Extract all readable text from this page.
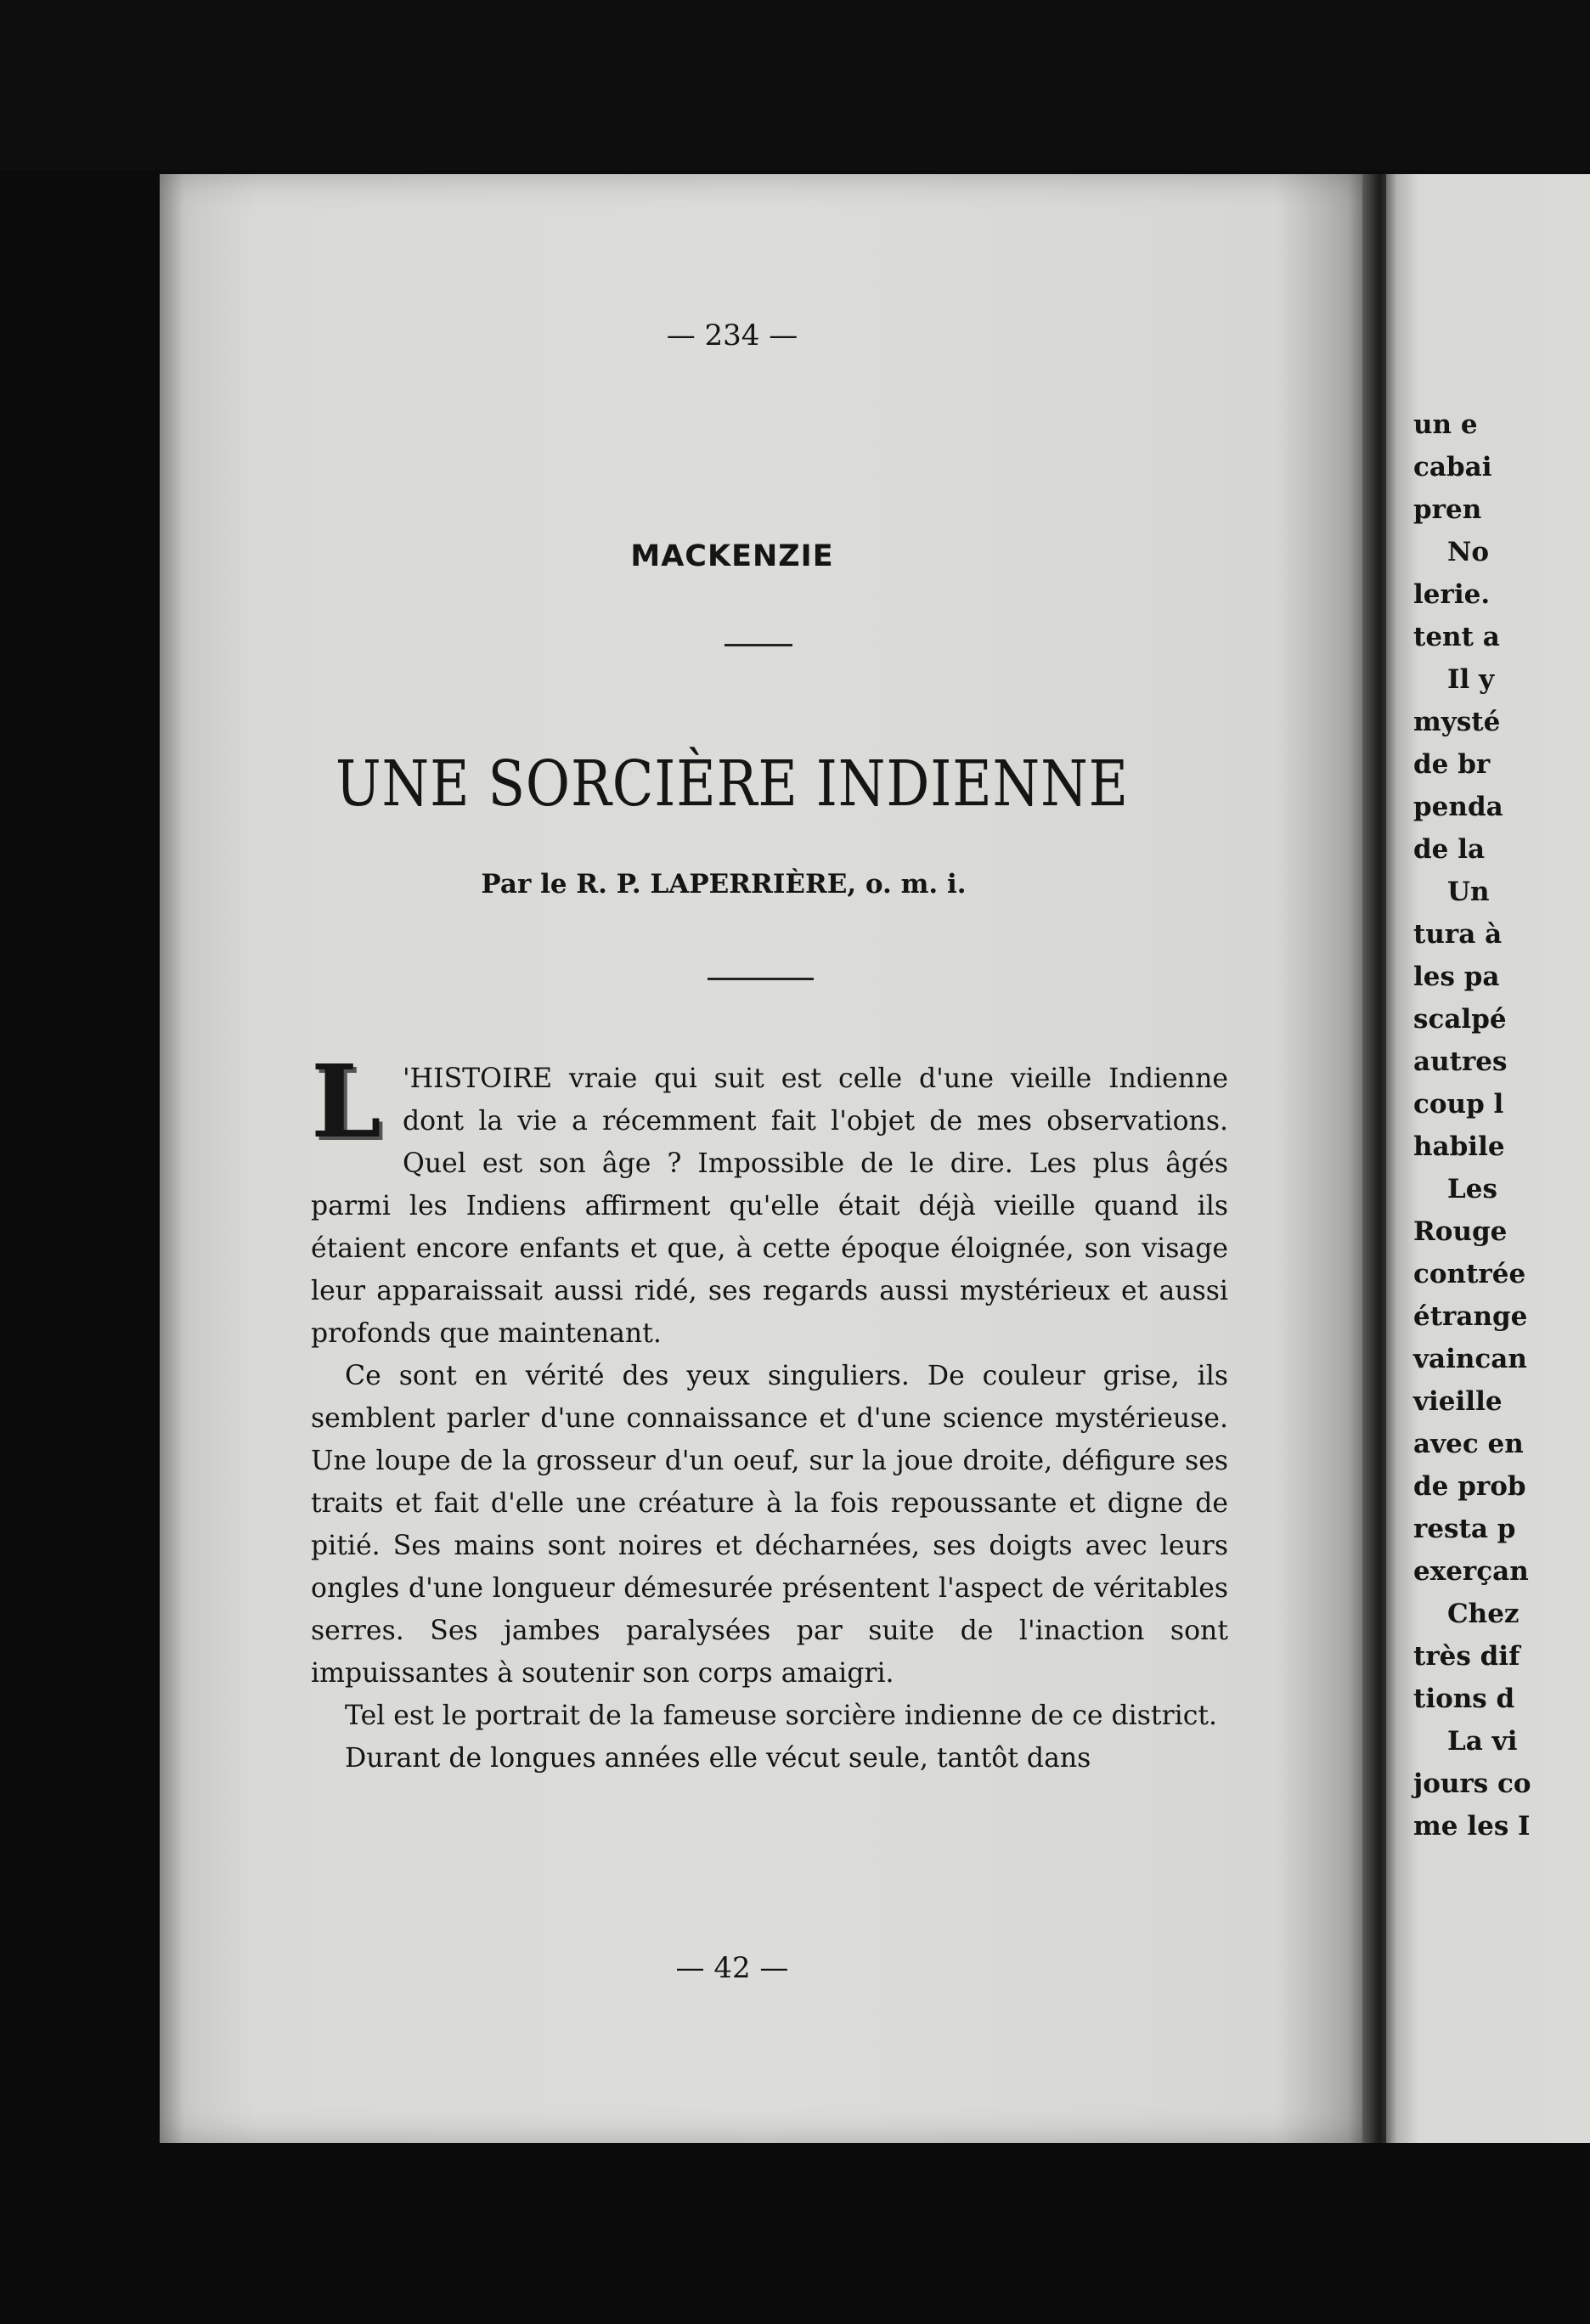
— 234 —
MACKENZIE
UNE SORCIÈRE INDIENNE
Par le R. P. LAPERRIÈRE, o. m. i.
L 'HISTOIRE vraie qui suit est celle d'une vieille Indienne dont la vie a récemment fait l'objet de mes observations. Quel est son âge ? Impossible de le dire. Les plus âgés parmi les Indiens affirment qu'elle était déjà vieille quand ils étaient encore enfants et que, à cette époque éloignée, son visage leur apparaissait aussi ridé, ses regards aussi mystérieux et aussi profonds que maintenant.

Ce sont en vérité des yeux singuliers. De couleur grise, ils semblent parler d'une connaissance et d'une science mystérieuse. Une loupe de la grosseur d'un oeuf, sur la joue droite, défigure ses traits et fait d'elle une créature à la fois repoussante et digne de pitié. Ses mains sont noires et décharnées, ses doigts avec leurs ongles d'une longueur démesurée présentent l'aspect de véritables serres. Ses jambes paralysées par suite de l'inaction sont impuissantes à soutenir son corps amaigri.

Tel est le portrait de la fameuse sorcière indienne de ce district.

Durant de longues années elle vécut seule, tantôt dans

— 42 —
un e
cabai
pren
No
lerie.
tent a
Il y
mysté
de br
penda
de la
Un
tura à
les pa
scalpé
autres
coup l
habile
Les
Rouge
contrée
étrange
vaincan
vieille
avec en
de prob
resta p
exerçan
Chez
très dif
tions d
La vi
jours co
me les I
